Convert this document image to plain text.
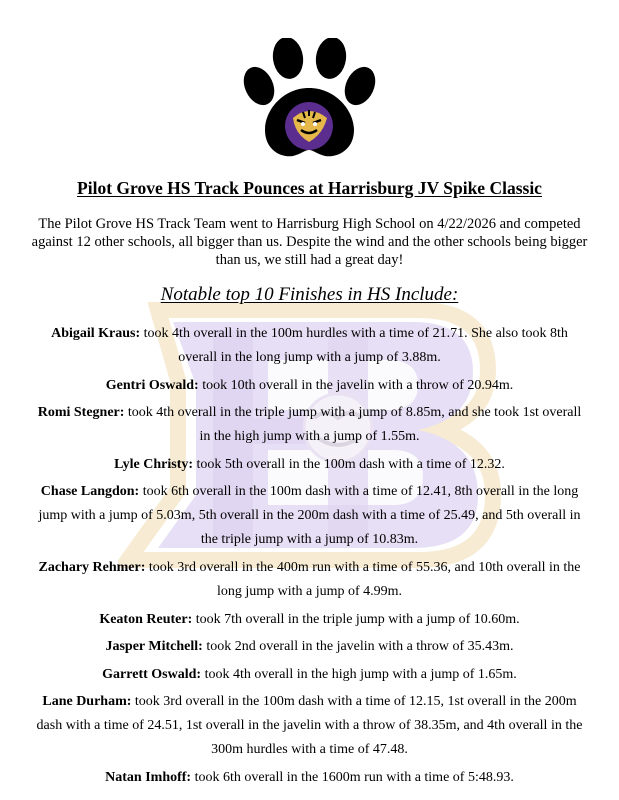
Pilot Grove HS Track Pounces at Harrisburg JV Spike Classic
The Pilot Grove HS Track Team went to Harrisburg High School on 4/22/2026 and competed against 12 other schools, all bigger than us. Despite the wind and the other schools being bigger than us, we still had a great day!
Notable top 10 Finishes in HS Include:

Abigail Kraus: took 4th overall in the 100m hurdles with a time of 21.71. She also took 8th overall in the long jump with a jump of 3.88m.

Gentri Oswald: took 10th overall in the javelin with a throw of 20.94m.

Romi Stegner: took 4th overall in the triple jump with a jump of 8.85m, and she took 1st overall in the high jump with a jump of 1.55m.

Lyle Christy: took 5th overall in the 100m dash with a time of 12.32.

Chase Langdon: took 6th overall in the 100m dash with a time of 12.41, 8th overall in the long jump with a jump of 5.03m, 5th overall in the 200m dash with a time of 25.49, and 5th overall in the triple jump with a jump of 10.83m.

Zachary Rehmer: took 3rd overall in the 400m run with a time of 55.36, and 10th overall in the long jump with a jump of 4.99m.

Keaton Reuter: took 7th overall in the triple jump with a jump of 10.60m.

Jasper Mitchell: took 2nd overall in the javelin with a throw of 35.43m.

Garrett Oswald: took 4th overall in the high jump with a jump of 1.65m.

Lane Durham: took 3rd overall in the 100m dash with a time of 12.15, 1st overall in the 200m dash with a time of 24.51, 1st overall in the javelin with a throw of 38.35m, and 4th overall in the 300m hurdles with a time of 47.48.

Natan Imhoff: took 6th overall in the 1600m run with a time of 5:48.93.
